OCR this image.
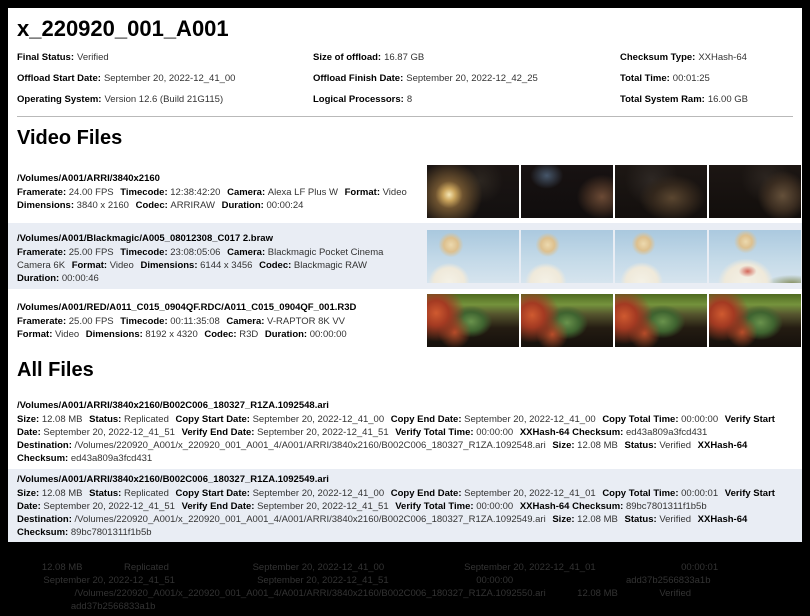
x_220920_001_A001
Final Status: Verified	Size of offload: 16.87 GB	Checksum Type: XXHash-64
Offload Start Date: September 20, 2022-12_41_00	Offload Finish Date: September 20, 2022-12_42_25	Total Time: 00:01:25
Operating System: Version 12.6 (Build 21G115)	Logical Processors: 8	Total System Ram: 16.00 GB
Video Files
/Volumes/A001/ARRI/3840x2160
Framerate: 24.00 FPS Timecode: 12:38:42:20 Camera: Alexa LF Plus W Format: Video Dimensions: 3840 x 2160 Codec: ARRIRAW Duration: 00:00:24
/Volumes/A001/Blackmagic/A005_08012308_C017 2.braw
Framerate: 25.00 FPS Timecode: 23:08:05:06 Camera: Blackmagic Pocket Cinema Camera 6K Format: Video Dimensions: 6144 x 3456 Codec: Blackmagic RAW Duration: 00:00:46
/Volumes/A001/RED/A011_C015_0904QF.RDC/A011_C015_0904QF_001.R3D
Framerate: 25.00 FPS Timecode: 00:11:35:08 Camera: V-RAPTOR 8K VV Format: Video Dimensions: 8192 x 4320 Codec: R3D Duration: 00:00:00
All Files
/Volumes/A001/ARRI/3840x2160/B002C006_180327_R1ZA.1092548.ari
Size: 12.08 MB Status: Replicated Copy Start Date: September 20, 2022-12_41_00 Copy End Date: September 20, 2022-12_41_00 Copy Total Time: 00:00:00 Verify Start Date: September 20, 2022-12_41_51 Verify End Date: September 20, 2022-12_41_51 Verify Total Time: 00:00:00 XXHash-64 Checksum: ed43a809a3fcd431
Destination: /Volumes/220920_A001/x_220920_001_A001_4/A001/ARRI/3840x2160/B002C006_180327_R1ZA.1092548.ari Size: 12.08 MB Status: Verified XXHash-64 Checksum: ed43a809a3fcd431
/Volumes/A001/ARRI/3840x2160/B002C006_180327_R1ZA.1092549.ari
Size: 12.08 MB Status: Replicated Copy Start Date: September 20, 2022-12_41_00 Copy End Date: September 20, 2022-12_41_01 Copy Total Time: 00:00:01 Verify Start Date: September 20, 2022-12_41_51 Verify End Date: September 20, 2022-12_41_51 Verify Total Time: 00:00:00 XXHash-64 Checksum: 89bc7801311f1b5b
Destination: /Volumes/220920_A001/x_220920_001_A001_4/A001/ARRI/3840x2160/B002C006_180327_R1ZA.1092549.ari Size: 12.08 MB Status: Verified XXHash-64 Checksum: 89bc7801311f1b5b
/Volumes/A001/ARRI/3840x2160/B002C006_180327_R1ZA.1092550.ari
Size: 12.08 MB Status: Replicated Copy Start Date: September 20, 2022-12_41_00 Copy End Date: September 20, 2022-12_41_01 Copy Total Time: 00:00:01 Verify Start Date: September 20, 2022-12_41_51 Verify End Date: September 20, 2022-12_41_51 Verify Total Time: 00:00:00 XXHash-64 Checksum: add37b2566833a1b
Destination: /Volumes/220920_A001/x_220920_001_A001_4/A001/ARRI/3840x2160/B002C006_180327_R1ZA.1092550.ari Size: 12.08 MB Status: Verified XXHash-64 Checksum: add37b2566833a1b
